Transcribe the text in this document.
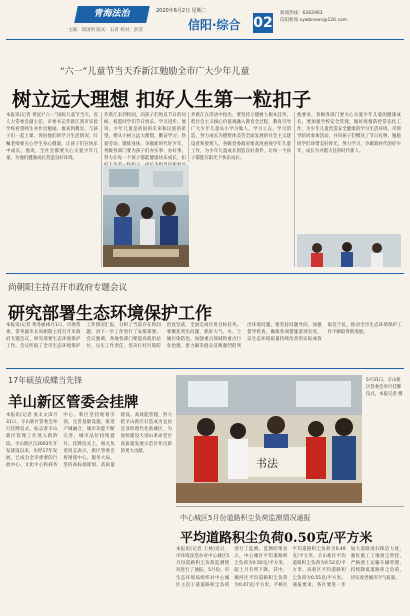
青海法治	2020年6月2日 星期二
主编：邱国明 版式：石青 校对：彭清	信阳·综合 02
新闻热线：6262963
信阳新闻 xywbnews@126.com
“六一”儿童节当天乔新江勉励全市广大少年儿童
树立远大理想 扣好人生第一粒扣子

本报讯(记者 黄星)“六一”国际儿童节当天，省人大常委会副主任、市委书记乔新江到市实验学校看望师生并作出勉励。他来到教室，与孩子们一起上课，询问他们的学习生活情况，叮嘱老师要关心学生身心健康，让孩子们在快乐中成长。他说，全社会都要关心关爱少年儿童，为他们健康成长营造良好环境。

乔新江来到校园，向孩子们致以节日的问候，祝愿同学们节日快乐、学习进步。他说，少年儿童是祖国的未来和民族的希望，要从小树立远大理想，勤奋学习，热爱劳动，锻炼身体，争做新时代好少年。各级各部门要为孩子们办实事、办好事，努力让每一个孩子都能健康快乐成长，扣

乔新江在活动中指出，要坚持立德树人根本任务，把社会主义核心价值观融入教育全过程，教育引导广大少年儿童从小学习做人、学习立志、学习创造，努力成长为德智体美劳全面发展的社会主义建设者和接班人。各级党委政府要高度重视少年儿童工作，为少年儿童成长创造良好条件，让每一个孩子都能在阳光下快乐成长。

他要求，各级各部门要关心关爱少年儿童的健康成长，要加强学校安全管理，做好疫情防控常态化工作，为少年儿童营造安全健康的学习生活环境。市领导陪同参加活动，并向孩子们赠送了节日礼物，勉励同学们珍惜美好时光，努力学习，争做新时代的好少年，成长为可堪大任的时代新人。

尚朝阳主持召开市政府专题会议
研究部署生态环境保护工作

本报讯(记者 黄冬丽)6月1日，市委常委、常务副市长尚朝阳主持召开市政府专题会议，研究部署生态环境保护工作。会议听取了全市生态环境保护工作情况汇报，分析了当前存在的问题，对下一步工作进行了安排部署。会议强调，各地各部门要提高政治站位，压实工作责任，坚决打好污染防治攻坚战，全面完成年度目标任务。要聚焦突出问题，抓好大气、水、土壤污染防治，加强重点领域和重点行业治理，着力解决群众反映强烈的突出环境问题。要坚持问题导向，加强督导检查，确保各项措施落到实处，以生态环境质量持续改善的实际成效取信于民，推动全市生态环境保护工作不断取得新进展。

17年硕茧成蝶当先锋
羊山新区管委会挂牌

本报讯(记者 张太文)5月31日，羊山新区管委会举行挂牌仪式，标志着羊山新区管理工作进入新阶段。羊山新区自2003年开发建设以来，历经17年发展，已成为全市重要的行政中心、文化中心和商务中心。新区坚持规划引领，完善基础设施，推进产城融合，城市功能不断完善，城市品位持续提升。挂牌仪式上，相关负责同志表示，新区管委会将围绕中心、服务大局，坚持高标准规划、高质量建设、高效能管理，努力把羊山新区打造成为宜居宜业的现代化新城区，为加快建设大别山革命老区高质量发展示范区作出新的更大贡献。

书法
5月31日，羊山新区管委会举行挂牌仪式。本报记者 摄
中心城区5月份道路积尘负荷监测情况通报
平均道路积尘负荷0.50克/平方米

本报讯(记者 王林)近日，市环境攻坚办对中心城区5月份道路积尘负荷监测情况进行了通报。5月份，市生态环境局组织对中心城区主次干道道路积尘负荷进行了监测。监测结果显示，中心城区平均道路积尘负荷为0.50克/平方米，较上月有所下降。其中，浉河区平均道路积尘负荷为0.47克/平方米，平桥区平均道路积尘负荷为0.49克/平方米，羊山新区平均道路积尘负荷为0.52克/平方米，高新区平均道路积尘负荷为0.55克/平方米。通报要求，各区要进一步加大道路清扫保洁力度，强化施工工地扬尘管控，严格渣土运输车辆管理，持续降低道路积尘负荷，切实改善城市空气质量。
